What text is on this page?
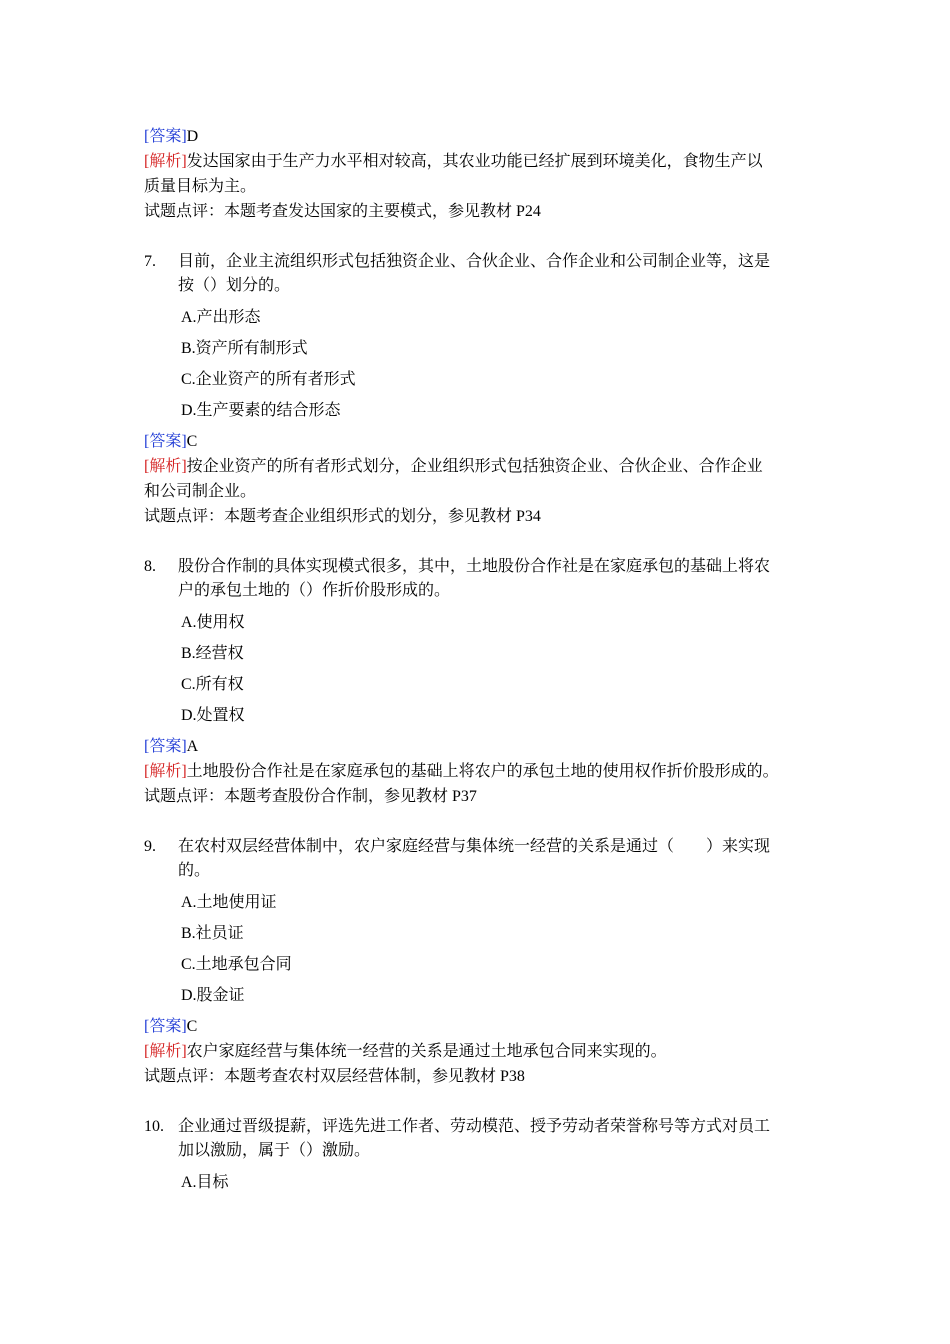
[答案]D
[解析]发达国家由于生产力水平相对较高，其农业功能已经扩展到环境美化，食物生产以
质量目标为主。
试题点评：本题考查发达国家的主要模式，参见教材 P24
7. 目前，企业主流组织形式包括独资企业、合伙企业、合作企业和公司制企业等，这是
按（）划分的。
A.产出形态
B.资产所有制形式
C.企业资产的所有者形式
D.生产要素的结合形态
[答案]C
[解析]按企业资产的所有者形式划分，企业组织形式包括独资企业、合伙企业、合作企业
和公司制企业。
试题点评：本题考查企业组织形式的划分，参见教材 P34
8. 股份合作制的具体实现模式很多，其中，土地股份合作社是在家庭承包的基础上将农
户的承包土地的（）作折价股形成的。
A.使用权
B.经营权
C.所有权
D.处置权
[答案]A
[解析]土地股份合作社是在家庭承包的基础上将农户的承包土地的使用权作折价股形成的。
试题点评：本题考查股份合作制，参见教材 P37
9. 在农村双层经营体制中，农户家庭经营与集体统一经营的关系是通过（　　）来实现
的。
A.土地使用证
B.社员证
C.土地承包合同
D.股金证
[答案]C
[解析]农户家庭经营与集体统一经营的关系是通过土地承包合同来实现的。
试题点评：本题考查农村双层经营体制，参见教材 P38
10. 企业通过晋级提薪，评选先进工作者、劳动模范、授予劳动者荣誉称号等方式对员工
加以激励，属于（）激励。
A.目标
